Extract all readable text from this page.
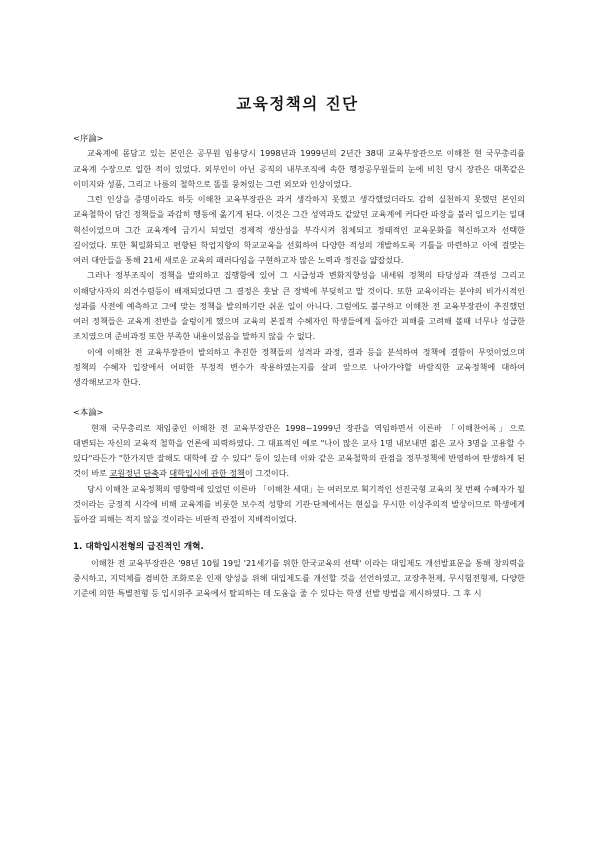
교육정책의 진단
<序論>

교육계에 몸담고 있는 본인은 공무원 임용당시 1998년과 1999년의 2년간 38대 교육부장관으로 이해찬 현 국무총리를 교육계 수장으로 일한 적이 있었다. 외부인이 아닌 공직의 내부조직에 속한 행정공무원들의 눈에 비친 당시 장관은 대쪽같은 이미지와 성품, 그리고 나름의 철학으로 똘똘 뭉쳐있는 그런 외모와 인상이었다.

그런 인상을 증명이라도 하듯 이해찬 교육부장관은 과거 생각하지 못했고 생각했었더라도 감히 실천하지 못했던 본인의 교육철학이 담긴 정책들을 과감히 행동에 옮기게 된다. 이것은 그간 성역과도 같았던 교육계에 커다란 파장을 불러 일으키는 일대 혁신이었으며 그간 교육계에 금기시 되었던 경제적 생산성을 부각시켜 침체되고 정태적인 교육문화를 혁신하고자 선택한 길이었다. 또한 획일화되고 편향된 학업지향의 학교교육을 선회하여 다양한 적성의 개발하도록 기틀을 마련하고 이에 걸맞는 여러 대안들을 통해 21세 새로운 교육의 패러다임을 구현하고자 많은 노력과 정진을 얇잡섰다.

그러나 정부조직이 정책을 발의하고 집행함에 있어 그 시급성과 변화지향성을 내세워 정책의 타당성과 객관성 그리고 이해당사자의 의견수렴등이 배재되었다면 그 결정은 훗날 큰 장벽에 부딪히고 말 것이다. 또한 교육이라는 분야의 비가시적인 성과를 사전에 예측하고 그에 맞는 정책을 발의하기란 쉬운 일이 아니다. 그럼에도 불구하고 이해찬 전 교육부장관이 추진했던 여러 정책들은 교육계 전반을 술렁이게 했으며 교육의 본질적 수혜자인 학생들에게 돌아간 피해를 고려해 볼때 너무나 성급한 조치였으며 준비과정 또한 부족한 내용이었음을 말하지 않을 수 없다.

이에 이해찬 전 교육부장관이 발의하고 추진한 정책들의 성격과 과정, 결과 등을 분석하여 정책에 결함이 무엇이었으며 정책의 수혜자 입장에서 어떠한 부정적 변수가 작용하였는지를 살펴 앞으로 나아가야할 바람직한 교육정책에 대하여 생각해보고자 한다.

<本論>

현재 국무총리로 재임중인 이해찬 전 교육부장관은 1998~1999년 장관을 역임하면서 이른바 「이해찬어록」으로 대변되는 자신의 교육적 철학을 언론에 피력하였다. 그 대표적인 예로 "나이 많은 교사 1명 내보내면 젊은 교사 3명을 고용할 수 있다"라든가 "한가지만 잘해도 대학에 갈 수 있다" 등이 있는데 이와 같은 교육철학의 관점을 정부정책에 반영하여 탄생하게 된 것이 바로 교원정년 단축과 대학입시에 관한 정책이 그것이다.

당시 이해찬 교육정책의 영향력에 있었던 이른바 「이해찬 세대」는 여러모로 획기적인 선진국형 교육의 첫 번째 수혜자가 될 것이라는 긍정적 시각에 비해 교육계를 비롯한 보수적 성향의 기관·단체에서는 현실을 무시한 이상주의적 발상이므로 학생에게 돌아갈 피해는 적지 않을 것이라는 비판적 관점이 지배적이었다.

1. 대학입시전형의 급진적인 개혁.

이해찬 전 교육부장관은 '98년 10월 19일 '21세기를 위한 한국교육의 선택' 이라는 대입제도 개선발표문을 통해 창의력을 중시하고, 지덕체를 겸비한 조화로운 인재 양성을 위해 대입제도를 개선할 것을 선언하였고, 교장추천제, 무시험전형제, 다양한 기준에 의한 특별전형 등 입시위주 교육에서 탈피하는 데 도움을 줄 수 있다는 학생 선발 방법을 제시하였다. 그 후 시
